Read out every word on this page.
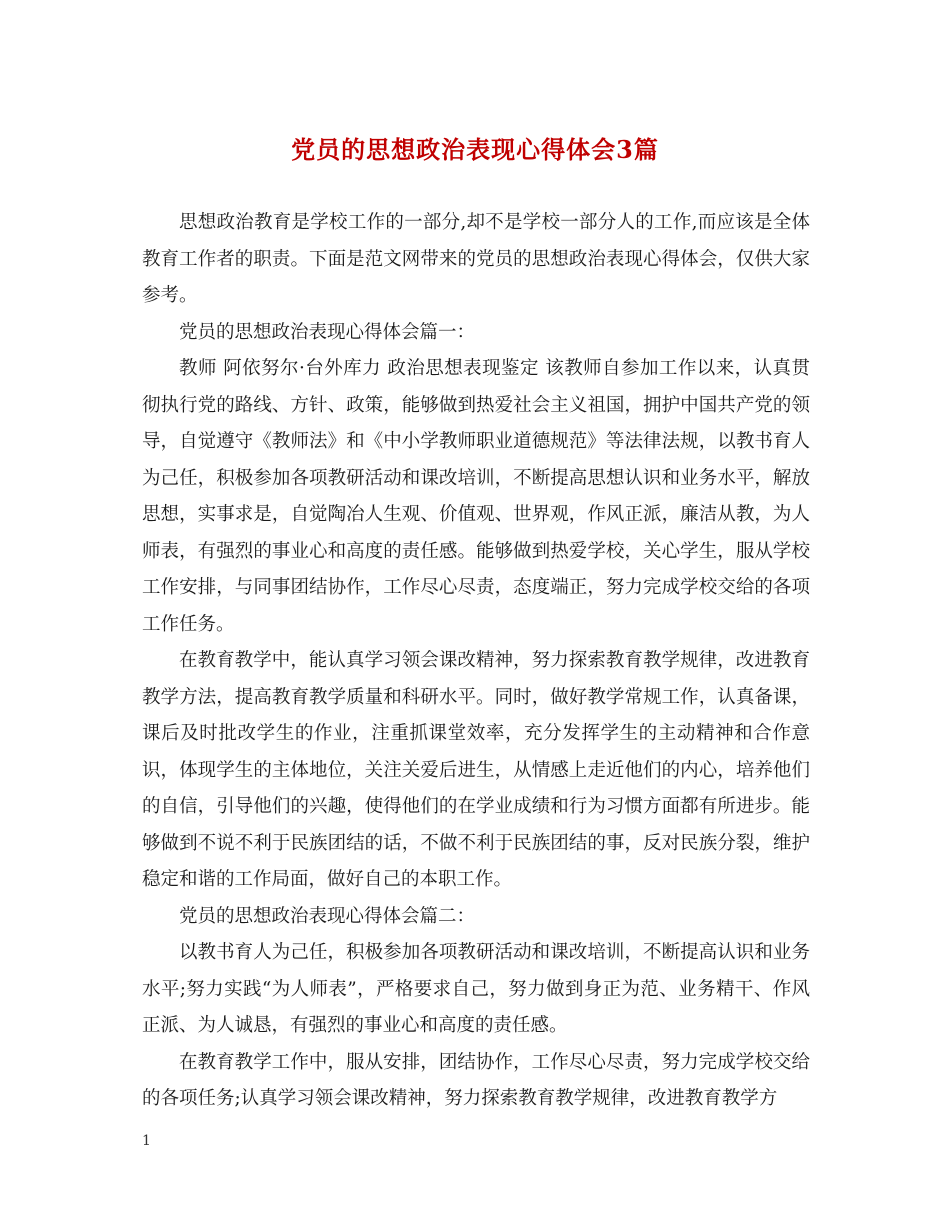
党员的思想政治表现心得体会3篇

思想政治教育是学校工作的一部分,却不是学校一部分人的工作,而应该是全体教育工作者的职责。下面是范文网带来的党员的思想政治表现心得体会，仅供大家参考。

党员的思想政治表现心得体会篇一：

教师 阿依努尔·台外库力 政治思想表现鉴定 该教师自参加工作以来，认真贯彻执行党的路线、方针、政策，能够做到热爱社会主义祖国，拥护中国共产党的领导，自觉遵守《教师法》和《中小学教师职业道德规范》等法律法规，以教书育人为己任，积极参加各项教研活动和课改培训，不断提高思想认识和业务水平，解放思想，实事求是，自觉陶冶人生观、价值观、世界观，作风正派，廉洁从教，为人师表，有强烈的事业心和高度的责任感。能够做到热爱学校，关心学生，服从学校工作安排，与同事团结协作，工作尽心尽责，态度端正，努力完成学校交给的各项工作任务。

在教育教学中，能认真学习领会课改精神，努力探索教育教学规律，改进教育教学方法，提高教育教学质量和科研水平。同时，做好教学常规工作，认真备课，课后及时批改学生的作业，注重抓课堂效率，充分发挥学生的主动精神和合作意识，体现学生的主体地位，关注关爱后进生，从情感上走近他们的内心，培养他们的自信，引导他们的兴趣，使得他们的在学业成绩和行为习惯方面都有所进步。能够做到不说不利于民族团结的话，不做不利于民族团结的事，反对民族分裂，维护稳定和谐的工作局面，做好自己的本职工作。

党员的思想政治表现心得体会篇二：

以教书育人为己任，积极参加各项教研活动和课改培训，不断提高认识和业务水平;努力实践“为人师表”，严格要求自己，努力做到身正为范、业务精干、作风正派、为人诚恳，有强烈的事业心和高度的责任感。

在教育教学工作中，服从安排，团结协作，工作尽心尽责，努力完成学校交给的各项任务;认真学习领会课改精神，努力探索教育教学规律，改进教育教学方

1
